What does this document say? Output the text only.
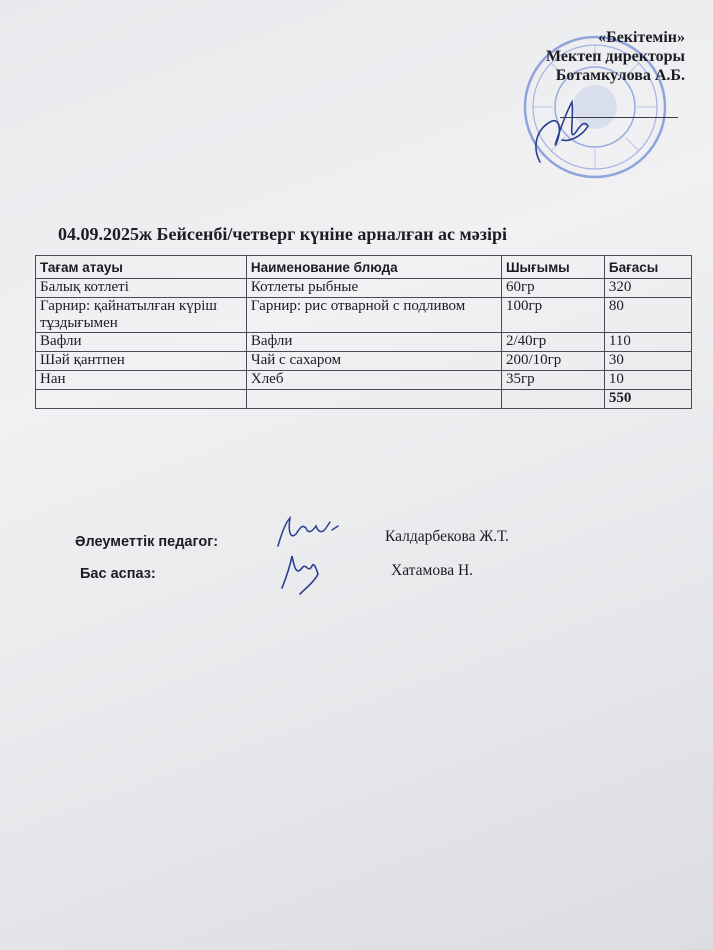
«Бекітемін»
Мектеп директоры
Ботамкулова А.Б.
04.09.2025ж Бейсенбі/четверг күніне арналған ас мәзірі
Тағам атауы	Наименование блюда	Шығымы	Бағасы
Балық котлеті	Котлеты рыбные	60гр	320
Гарнир: қайнатылған күріш тұздығымен	Гарнир: рис отварной с подливом	100гр	80
Вафли	Вафли	2/40гр	110
Шәй қантпен	Чай с сахаром	200/10гр	30
Нан	Хлеб	35гр	10
			550
Әлеуметтік педагог:	Калдарбекова Ж.Т.
Бас аспаз:	Хатамова Н.
